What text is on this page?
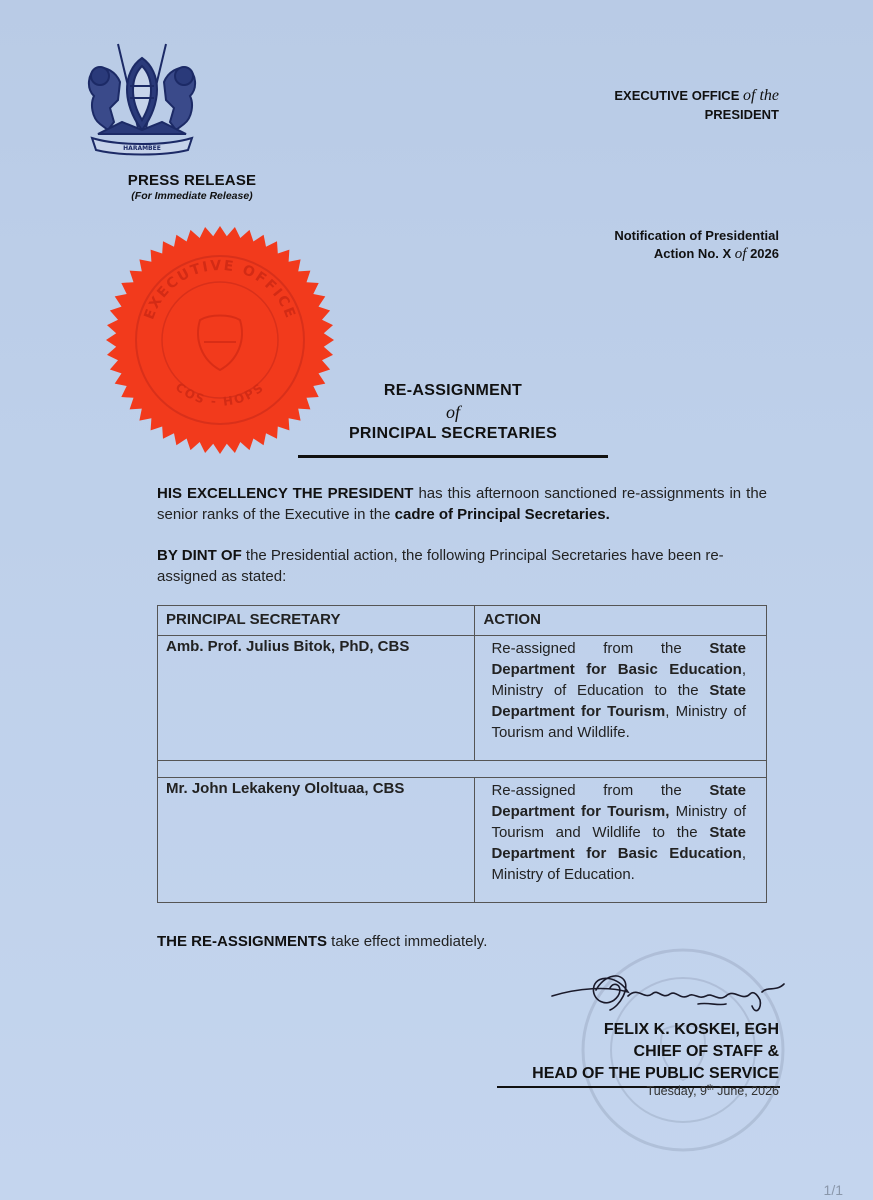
HARAMBEE
EXECUTIVE OFFICE of the
PRESIDENT
PRESS RELEASE
(For Immediate Release)
Notification of Presidential
Action No. X of 2026
EXECUTIVE OFFICE
COS - HOPS	RE-ASSIGNMENT
of
PRINCIPAL SECRETARIES
HIS EXCELLENCY THE PRESIDENT has this afternoon sanctioned re-assignments in the senior ranks of the Executive in the cadre of Principal Secretaries.
BY DINT OF the Presidential action, the following Principal Secretaries have been re-assigned as stated:
PRINCIPAL SECRETARY	ACTION
Amb. Prof. Julius Bitok, PhD, CBS	Re-assigned from the State Department for Basic Education, Ministry of Education to the State Department for Tourism, Ministry of Tourism and Wildlife.

Mr. John Lekakeny Ololtuaa, CBS	Re-assigned from the State Department for Tourism, Ministry of Tourism and Wildlife to the State Department for Basic Education, Ministry of Education.
THE RE-ASSIGNMENTS take effect immediately.
FELIX K. KOSKEI, EGH
CHIEF OF STAFF &
HEAD OF THE PUBLIC SERVICE
Tuesday, 9th June, 2026
1/1
